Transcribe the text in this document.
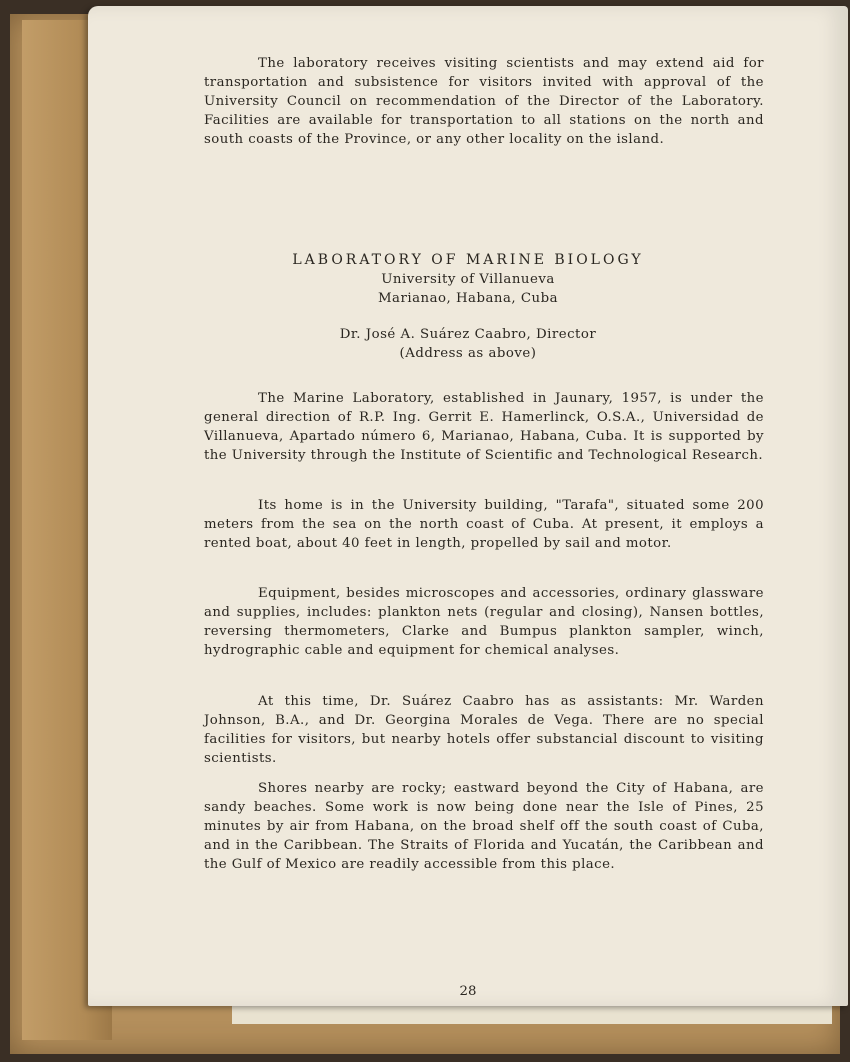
The laboratory receives visiting scientists and may extend aid for transportation and subsistence for visitors invited with approval of the University Council on recommendation of the Director of the Laboratory. Facilities are available for transportation to all stations on the north and south coasts of the Province, or any other locality on the island.

LABORATORY OF MARINE BIOLOGY
University of Villanueva
Marianao, Habana, Cuba
Dr. José A. Suárez Caabro, Director
(Address as above)

The Marine Laboratory, established in Jaunary, 1957, is under the general direction of R.P. Ing. Gerrit E. Hamerlinck, O.S.A., Universidad de Villanueva, Apartado número 6, Marianao, Habana, Cuba. It is supported by the University through the Institute of Scientific and Technological Research.

Its home is in the University building, "Tarafa", situated some 200 meters from the sea on the north coast of Cuba. At present, it employs a rented boat, about 40 feet in length, propelled by sail and motor.

Equipment, besides microscopes and accessories, ordinary glassware and supplies, includes: plankton nets (regular and closing), Nansen bottles, reversing thermometers, Clarke and Bumpus plankton sampler, winch, hydrographic cable and equipment for chemical analyses.

At this time, Dr. Suárez Caabro has as assistants: Mr. Warden Johnson, B.A., and Dr. Georgina Morales de Vega. There are no special facilities for visitors, but nearby hotels offer substancial discount to visiting scientists.

Shores nearby are rocky; eastward beyond the City of Habana, are sandy beaches. Some work is now being done near the Isle of Pines, 25 minutes by air from Habana, on the broad shelf off the south coast of Cuba, and in the Caribbean. The Straits of Florida and Yucatán, the Caribbean and the Gulf of Mexico are readily accessible from this place.

28
